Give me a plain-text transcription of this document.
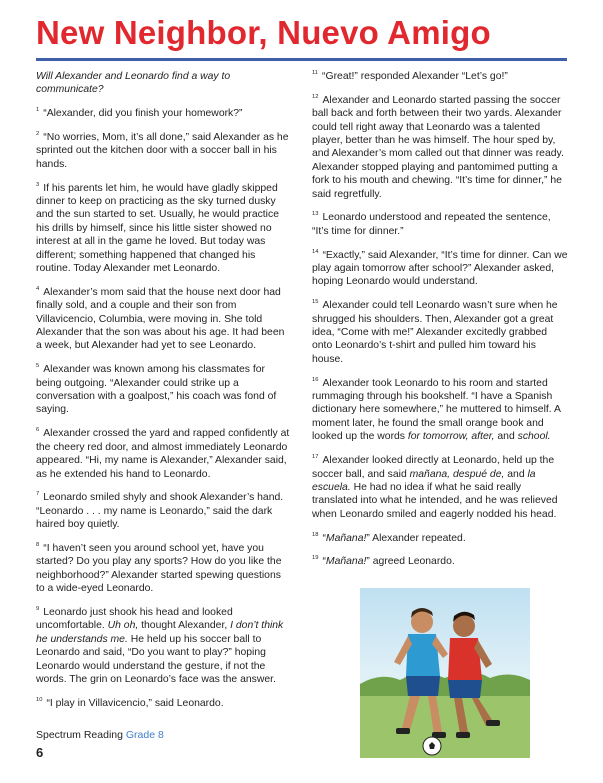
New Neighbor, Nuevo Amigo

Will Alexander and Leonardo find a way to communicate?

$^1$ “Alexander, did you finish your homework?”

$^2$ “No worries, Mom, it’s all done,” said Alexander as he sprinted out the kitchen door with a soccer ball in his hands.

$^3$ If his parents let him, he would have gladly skipped dinner to keep on practicing as the sky turned dusky and the sun started to set. Usually, he would practice his drills by himself, since his little sister showed no interest at all in the game he loved. But today was different; something happened that changed his routine. Today Alexander met Leonardo.

$^4$ Alexander’s mom said that the house next door had finally sold, and a couple and their son from Villavicencio, Columbia, were moving in. She told Alexander that the son was about his age. It had been a week, but Alexander had yet to see Leonardo.

$^5$ Alexander was known among his classmates for being outgoing. “Alexander could strike up a conversation with a goalpost,” his coach was fond of saying.

$^6$ Alexander crossed the yard and rapped confidently at the cheery red door, and almost immediately Leonardo appeared. “Hi, my name is Alexander,” Alexander said, as he extended his hand to Leonardo.

$^7$ Leonardo smiled shyly and shook Alexander’s hand. “Leonardo . . . my name is Leonardo,” said the dark haired boy quietly.

$^8$ “I haven’t seen you around school yet, have you started? Do you play any sports? How do you like the neighborhood?” Alexander started spewing questions to a wide-eyed Leonardo.

$^9$ Leonardo just shook his head and looked uncomfortable. Uh oh, thought Alexander, I don’t think he understands me. He held up his soccer ball to Leonardo and said, “Do you want to play?” hoping Leonardo would understand the gesture, if not the words. The grin on Leonardo’s face was the answer.

$^{10}$ “I play in Villavicencio,” said Leonardo.

$^{11}$ “Great!” responded Alexander “Let’s go!”

$^{12}$ Alexander and Leonardo started passing the soccer ball back and forth between their two yards. Alexander could tell right away that Leonardo was a talented player, better than he was himself. The hour sped by, and Alexander’s mom called out that dinner was ready. Alexander stopped playing and pantomimed putting a fork to his mouth and chewing. “It’s time for dinner,” he said regretfully.

$^{13}$ Leonardo understood and repeated the sentence, “It’s time for dinner.”

$^{14}$ “Exactly,” said Alexander, “It’s time for dinner. Can we play again tomorrow after school?” Alexander asked, hoping Leonardo would understand.

$^{15}$ Alexander could tell Leonardo wasn’t sure when he shrugged his shoulders. Then, Alexander got a great idea, “Come with me!” Alexander excitedly grabbed onto Leonardo’s t-shirt and pulled him toward his house.

$^{16}$ Alexander took Leonardo to his room and started rummaging through his bookshelf. “I have a Spanish dictionary here somewhere,” he muttered to himself. A moment later, he found the small orange book and looked up the words for tomorrow, after, and school.

$^{17}$ Alexander looked directly at Leonardo, held up the soccer ball, and said mañana, despué de, and la escuela. He had no idea if what he said really translated into what he intended, and he was relieved when Leonardo smiled and eagerly nodded his head.

$^{18}$ “Mañana!” Alexander repeated.

$^{19}$ “Mañana!” agreed Leonardo.

Spectrum Reading Grade 8
6
